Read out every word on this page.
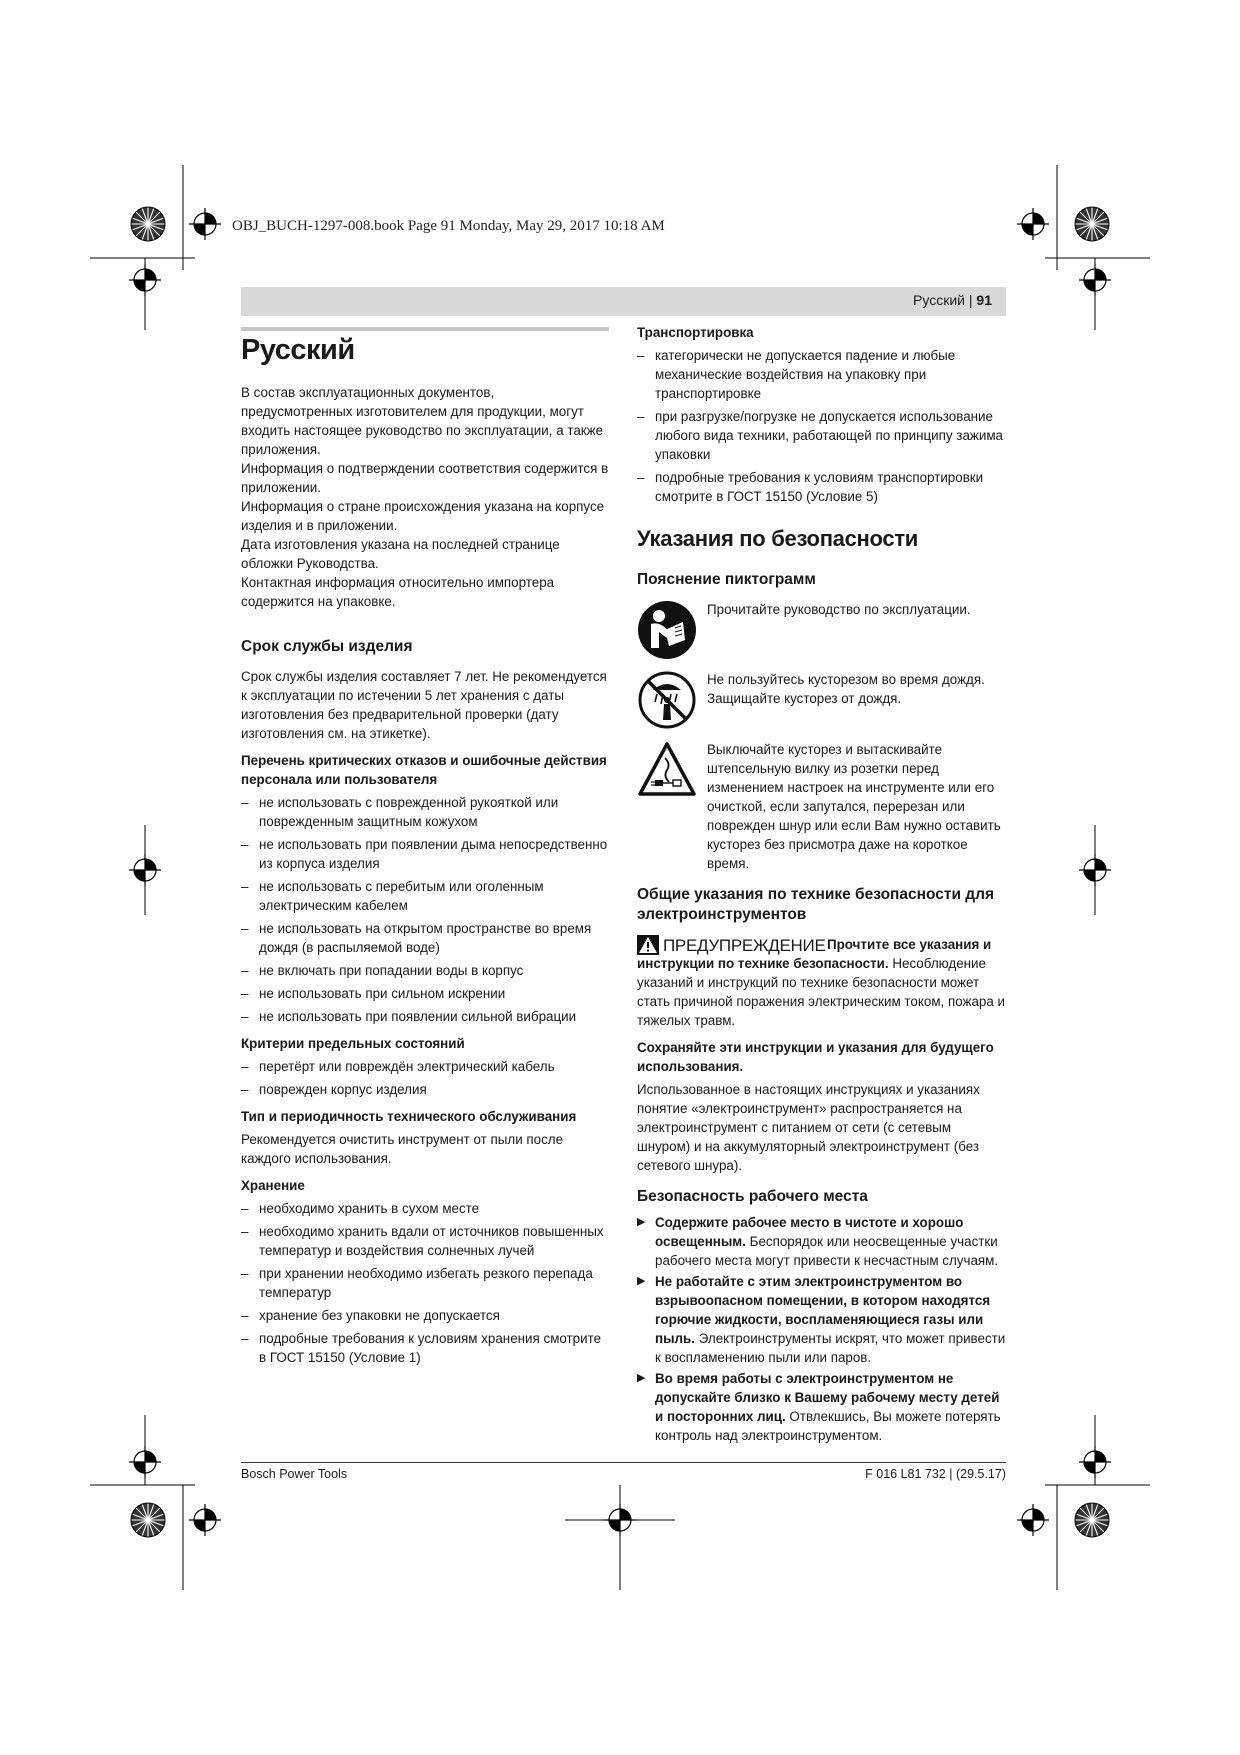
OBJ_BUCH-1297-008.book Page 91 Monday, May 29, 2017 10:18 AM
Русский | 91
Русский

В состав эксплуатационных документов, предусмотренных изготовителем для продукции, могут входить настоящее руководство по эксплуатации, а также приложения.

Информация о подтверждении соответствия содержится в приложении.

Информация о стране происхождения указана на корпусе изделия и в приложении.

Дата изготовления указана на последней странице обложки Руководства.

Контактная информация относительно импортера содержится на упаковке.

Срок службы изделия

Срок службы изделия составляет 7 лет. Не рекомендуется к эксплуатации по истечении 5 лет хранения с даты изготовления без предварительной проверки (дату изготовления см. на этикетке).

Перечень критических отказов и ошибочные действия персонала или пользователя
– не использовать с поврежденной рукояткой или поврежденным защитным кожухом
– не использовать при появлении дыма непосредственно из корпуса изделия
– не использовать с перебитым или оголенным электрическим кабелем
– не использовать на открытом пространстве во время дождя (в распыляемой воде)
– не включать при попадании воды в корпус
– не использовать при сильном искрении
– не использовать при появлении сильной вибрации
Критерии предельных состояний
– перетёрт или повреждён электрический кабель
– поврежден корпус изделия
Тип и периодичность технического обслуживания

Рекомендуется очистить инструмент от пыли после каждого использования.

Хранение
– необходимо хранить в сухом месте
– необходимо хранить вдали от источников повышенных температур и воздействия солнечных лучей
– при хранении необходимо избегать резкого перепада температур
– хранение без упаковки не допускается
– подробные требования к условиям хранения смотрите в ГОСТ 15150 (Условие 1)
Транспортировка
– категорически не допускается падение и любые механические воздействия на упаковку при транспортировке
– при разгрузке/погрузке не допускается использование любого вида техники, работающей по принципу зажима упаковки
– подробные требования к условиям транспортировки смотрите в ГОСТ 15150 (Условие 5)
Указания по безопасности
Пояснение пиктограмм
Прочитайте руководство по эксплуатации.
Не пользуйтесь кусторезом во время дождя. Защищайте кусторез от дождя.
Выключайте кусторез и вытаскивайте штепсельную вилку из розетки перед изменением настроек на инструменте или его очисткой, если запутался, перерезан или поврежден шнур или если Вам нужно оставить кусторез без присмотра даже на короткое время.
Общие указания по технике безопасности для электроинструментов
ПРЕДУПРЕЖДЕНИЕ Прочтите все указания и инструкции по технике безопасности. Несоблюдение указаний и инструкций по технике безопасности может стать причиной поражения электрическим током, пожара и тяжелых травм.

Сохраняйте эти инструкции и указания для будущего использования.

Использованное в настоящих инструкциях и указаниях понятие «электроинструмент» распространяется на электроинструмент с питанием от сети (с сетевым шнуром) и на аккумуляторный электроинструмент (без сетевого шнура).

Безопасность рабочего места
▶ Содержите рабочее место в чистоте и хорошо освещенным. Беспорядок или неосвещенные участки рабочего места могут привести к несчастным случаям.
▶ Не работайте с этим электроинструментом во взрывоопасном помещении, в котором находятся горючие жидкости, воспламеняющиеся газы или пыль. Электроинструменты искрят, что может привести к воспламенению пыли или паров.
▶ Во время работы с электроинструментом не допускайте близко к Вашему рабочему месту детей и посторонних лиц. Отвлекшись, Вы можете потерять контроль над электроинструментом.
Bosch Power Tools	F 016 L81 732 | (29.5.17)
